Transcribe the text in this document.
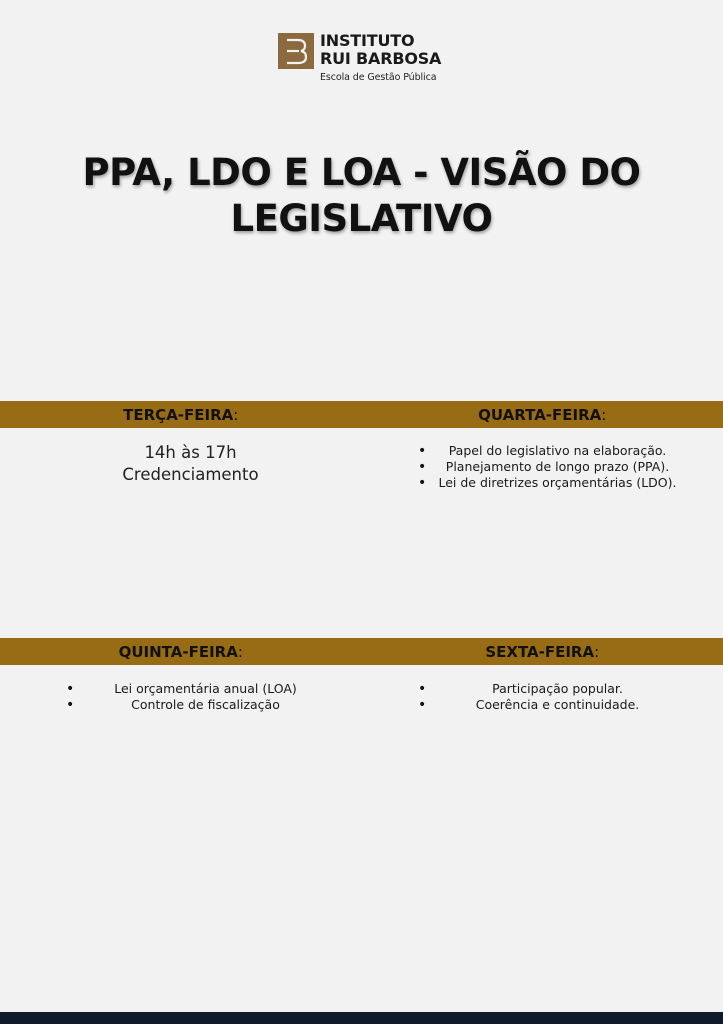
INSTITUTO
RUI BARBOSA
Escola de Gestão Pública
PPA, LDO E LOA - VISÃO DO
LEGISLATIVO
TERÇA-FEIRA :	QUARTA-FEIRA :
14h às 17h
Credenciamento
• Papel do legislativo na elaboração.
• Planejamento de longo prazo (PPA).
• Lei de diretrizes orçamentárias (LDO).
QUINTA-FEIRA :	SEXTA-FEIRA :
• Lei orçamentária anual (LOA)
• Controle de fiscalização
• Participação popular.
• Coerência e continuidade.
